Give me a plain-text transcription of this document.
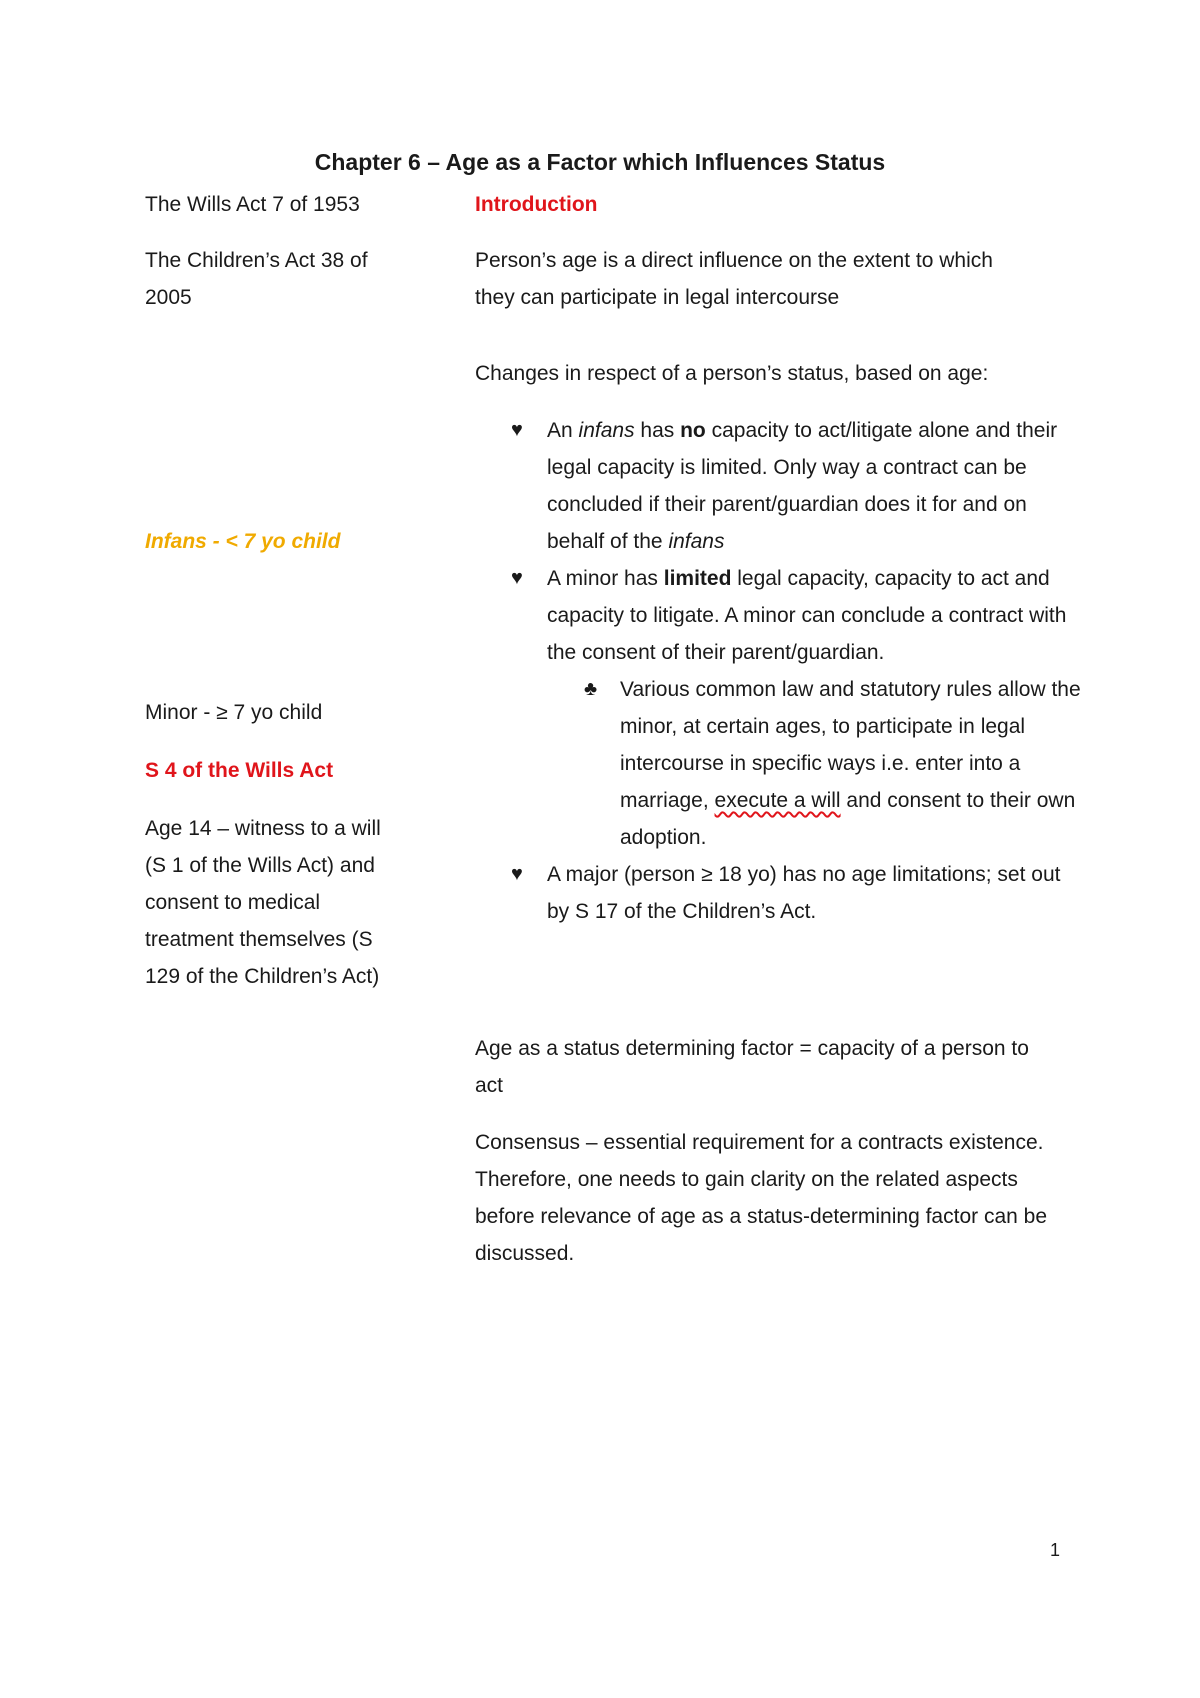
Chapter 6 – Age as a Factor which Influences Status
The Wills Act 7 of 1953
The Children’s Act 38 of 2005
Infans - < 7 yo child
Minor - ≥ 7 yo child
S 4 of the Wills Act
Age 14 – witness to a will (S 1 of the Wills Act) and consent to medical treatment themselves (S 129 of the Children’s Act)
Introduction
Person’s age is a direct influence on the extent to which they can participate in legal intercourse
Changes in respect of a person’s status, based on age:
♥ An infans has no capacity to act/litigate alone and their legal capacity is limited. Only way a contract can be concluded if their parent/guardian does it for and on behalf of the infans
♥ A minor has limited legal capacity, capacity to act and capacity to litigate. A minor can conclude a contract with the consent of their parent/guardian.
♣ Various common law and statutory rules allow the minor, at certain ages, to participate in legal intercourse in specific ways i.e. enter into a marriage, execute a will and consent to their own adoption.
♥ A major (person ≥ 18 yo) has no age limitations; set out by S 17 of the Children’s Act.
Age as a status determining factor = capacity of a person to act
Consensus – essential requirement for a contracts existence. Therefore, one needs to gain clarity on the related aspects before relevance of age as a status-determining factor can be discussed.
1
